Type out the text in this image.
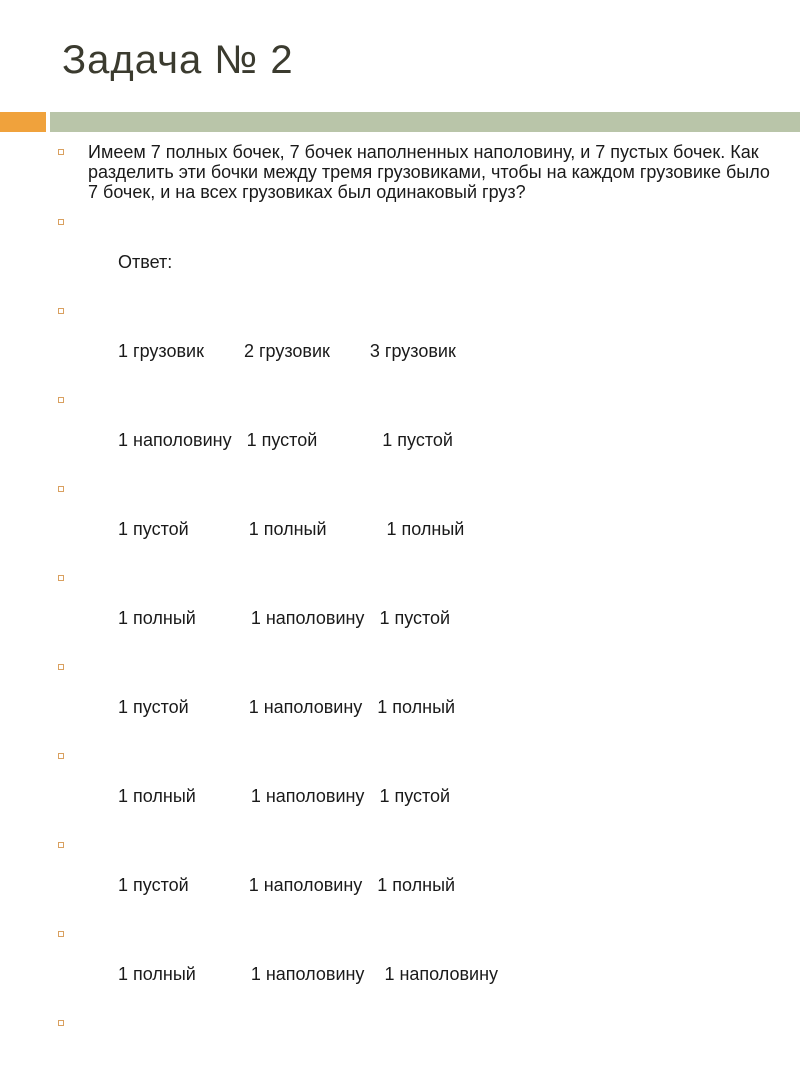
Задача № 2
Имеем 7 полных бочек, 7 бочек наполненных наполовину, и 7 пустых бочек. Как разделить эти бочки между тремя грузовиками, чтобы на каждом грузовике было 7 бочек, и на всех грузовиках был одинаковый груз?

Ответ:

1 грузовик        2 грузовик        3 грузовик

1 наполовину   1 пустой             1 пустой

1 пустой            1 полный            1 полный

1 полный           1 наполовину   1 пустой

1 пустой            1 наполовину   1 полный

1 полный           1 наполовину   1 пустой

1 пустой            1 наполовину   1 полный

1 полный           1 наполовину    1 наполовину
